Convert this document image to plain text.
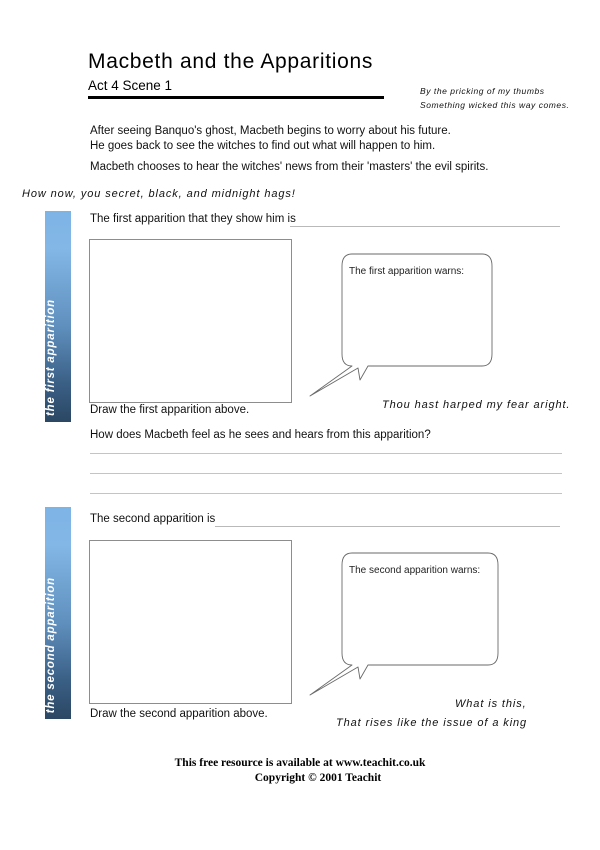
Macbeth and the Apparitions
Act 4 Scene 1	By the pricking of my thumbs
Something wicked this way comes.
After seeing Banquo's ghost, Macbeth begins to worry about his future.
He goes back to see the witches to find out what will happen to him.
Macbeth chooses to hear the witches' news from their 'masters' the evil spirits.
How now, you secret, black, and midnight hags!
the first apparition
The first apparition that they show him is
Draw the first apparition above.
The first apparition warns:
Thou hast harped my fear aright.
How does Macbeth feel as he sees and hears from this apparition?
the second apparition
The second apparition is
Draw the second apparition above.
The second apparition warns:
What is this,
That rises like the issue of a king
This free resource is available at www.teachit.co.uk
Copyright © 2001 Teachit
